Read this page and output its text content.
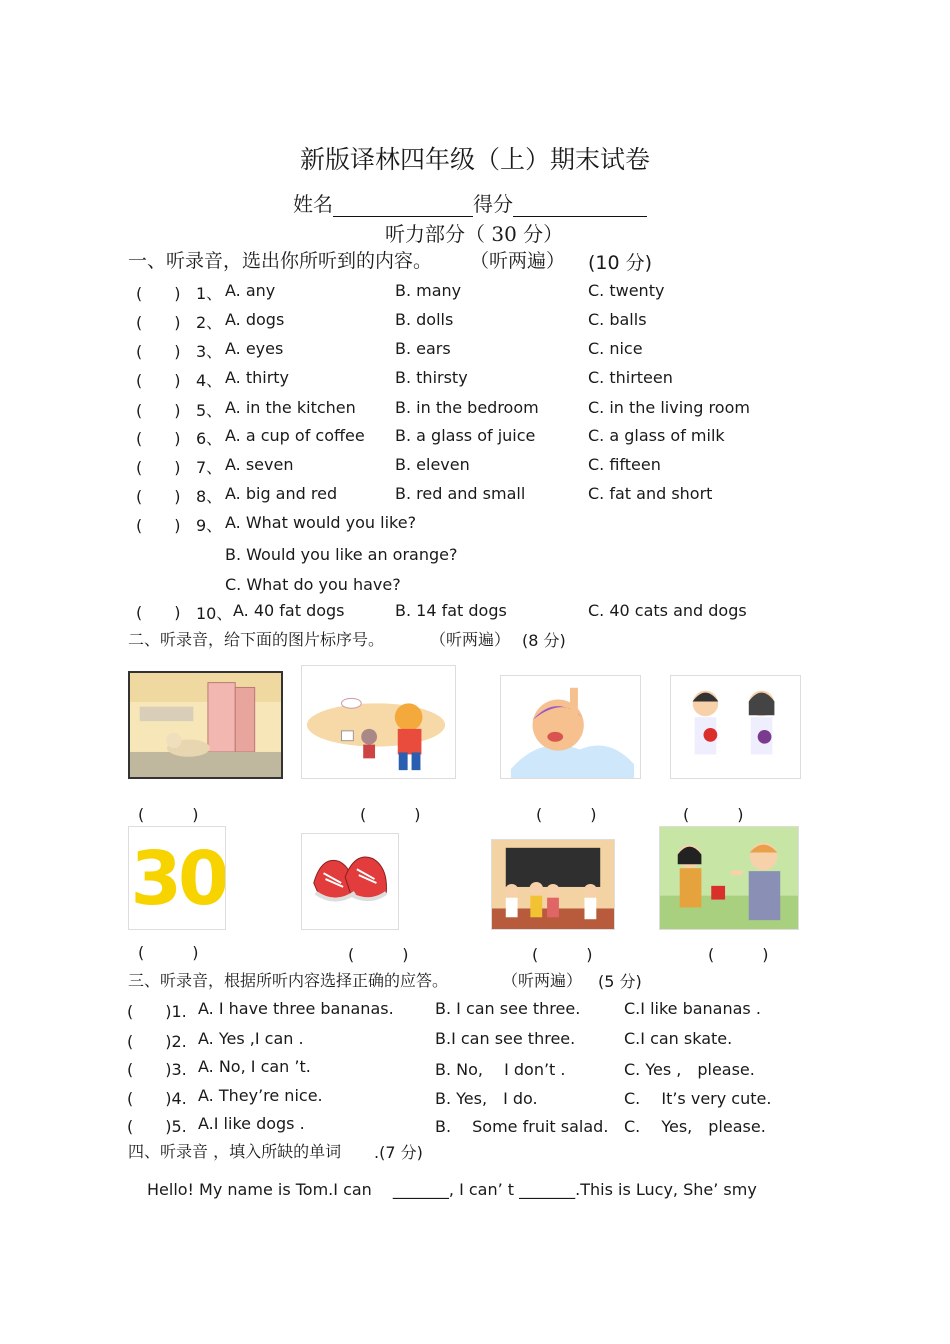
新版译林四年级（上）期末试卷
姓名	得分
听力部分（ 30 分）
一、听录音，选出你所听到的内容。 （听两遍） (10 分)
(　　) 1、 A. any	B. many	C. twenty
(　　) 2、 A. dogs	B. dolls	C. balls
(　　) 3、 A. eyes	B. ears	C. nice
(　　) 4、 A. thirty	B. thirsty	C. thirteen
(　　) 5、 A. in the kitchen B. in the bedroom	C. in the living room
(　　) 6、 A. a cup of coffee B. a glass of juice	C. a glass of milk
(　　) 7、 A. seven	B. eleven	C. fifteen
(　　) 8、 A. big and red	B. red and small	C. fat and short
(　　) 9、 A. What would you like?
B. Would you like an orange?
C. What do you have?
(　　) 10、 A. 40 fat dogs	B. 14 fat dogs	C. 40 cats and dogs
二、听录音，给下面的图片标序号。	（听两遍） (8 分)
(　　　)	(　　　)	(　　　)	(　　　)
30
(　　　)	(　　　)	(　　　)	(　　　)
三、听录音，根据所听内容选择正确的应答。	（听两遍） (5 分)
(　　)1. A. I have three bananas.	B. I can see three.	C.I like bananas .
(　　)2. A. Yes ,I can .	B.I can see three.	C.I can skate.
(　　)3. A. No, I can ’t.	B. No,　 I don’t .	C. Yes ,　please.
(　　)4. A. They’re nice.	B. Yes,　I do.	C.　 It’s very cute.
(　　)5. A.I like dogs .	B.　 Some fruit salad. C.　 Yes,　please.
四、听录音 ，填入所缺的单词 .(7 分)
Hello! My name is Tom.I can　 _______, I can’ t _______.This is Lucy, She’ smy
